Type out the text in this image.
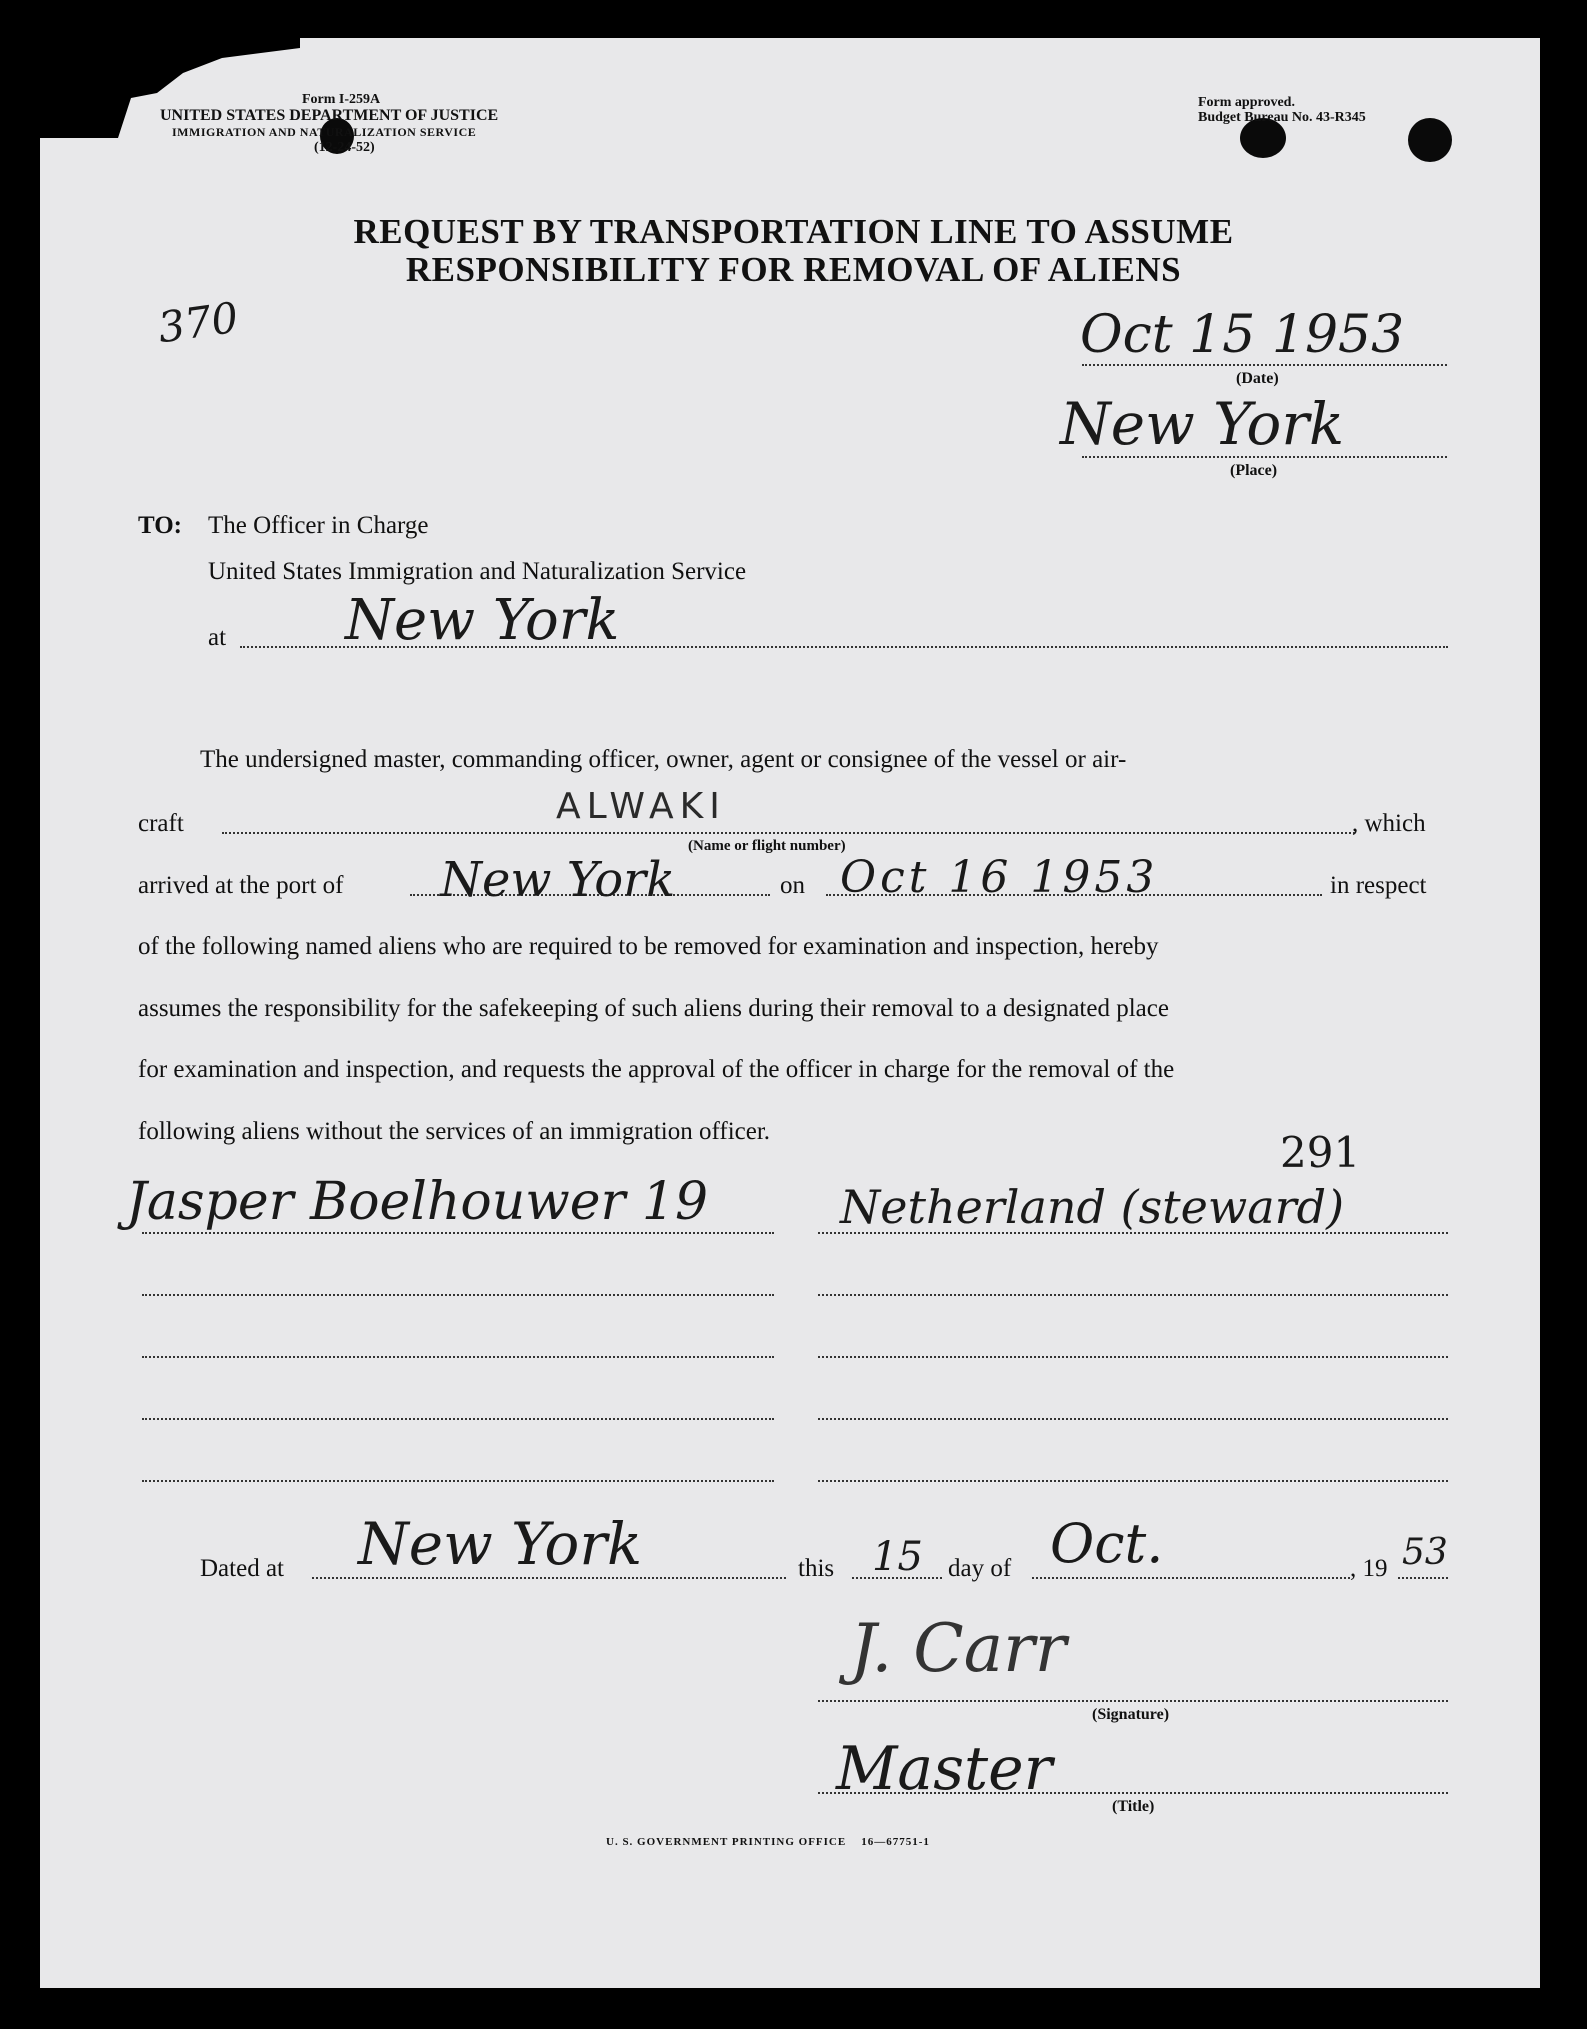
Form I-259A
UNITED STATES DEPARTMENT OF JUSTICE
IMMIGRATION AND NATURALIZATION SERVICE
(12-24-52)
Form approved.
Budget Bureau No. 43-R345
REQUEST BY TRANSPORTATION LINE TO ASSUME
RESPONSIBILITY FOR REMOVAL OF ALIENS
370	Oct 15 1953
(Date)
New York
(Place)
TO: The Officer in Charge
United States Immigration and Naturalization Service
at New York
The undersigned master, commanding officer, owner, agent or consignee of the vessel or air-
craft	ALWAKI	, which
(Name or flight number)
arrived at the port of New York	on Oct 16 1953	in respect
of the following named aliens who are required to be removed for examination and inspection, hereby
assumes the responsibility for the safekeeping of such aliens during their removal to a designated place
for examination and inspection, and requests the approval of the officer in charge for the removal of the
following aliens without the services of an immigration officer.	291
Jasper Boelhouwer 19	Netherland (steward)
Dated at New York	this 15 day of Oct.	, 19 53
J. Carr
(Signature)
Master
(Title)
U. S. GOVERNMENT PRINTING OFFICE    16—67751-1
